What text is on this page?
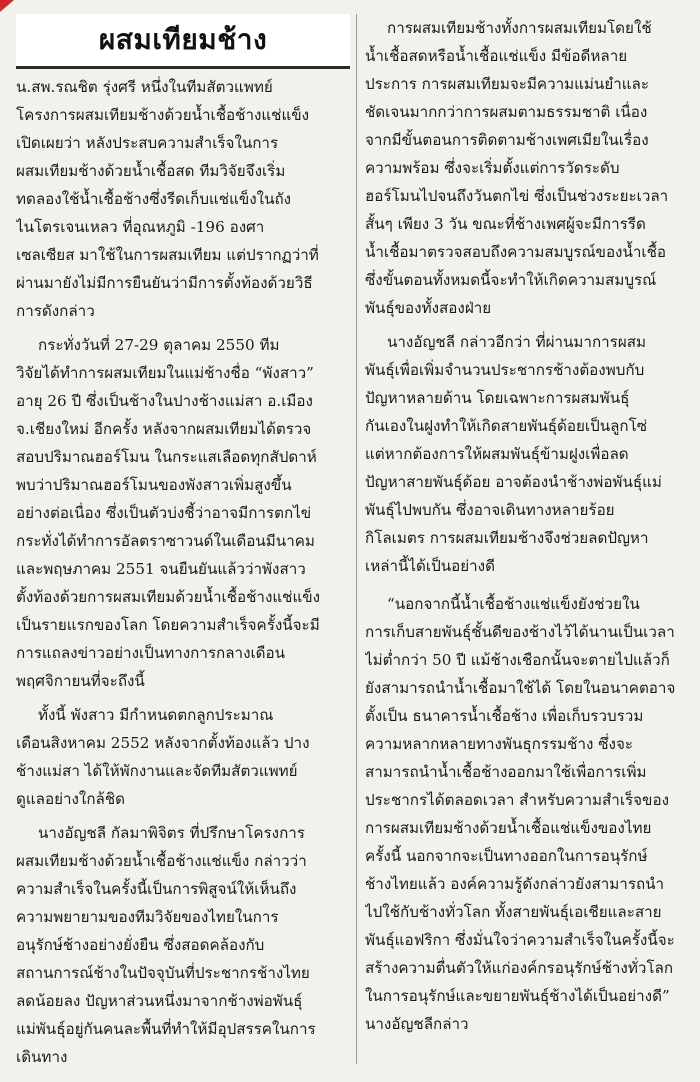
ผสมเทียมช้าง
น.สพ.รณชิต รุ่งศรี หนึ่งในทีมสัตวแพทย์
โครงการผสมเทียมช้างด้วยน้ำเชื้อช้างแช่แข็ง
เปิดเผยว่า หลังประสบความสำเร็จในการ
ผสมเทียมช้างด้วยน้ำเชื้อสด ทีมวิจัยจึงเริ่ม
ทดลองใช้น้ำเชื้อช้างซึ่งรีดเก็บแช่แข็งในถัง
ไนโตรเจนเหลว ที่อุณหภูมิ -196 องศา
เซลเซียส มาใช้ในการผสมเทียม แต่ปรากฏว่าที่
ผ่านมายังไม่มีการยืนยันว่ามีการตั้งท้องด้วยวิธี
การดังกล่าว
กระทั่งวันที่ 27-29 ตุลาคม 2550 ทีม
วิจัยได้ทำการผสมเทียมในแม่ช้างชื่อ “พังสาว”
อายุ 26 ปี ซึ่งเป็นช้างในปางช้างแม่สา อ.เมือง
จ.เชียงใหม่ อีกครั้ง หลังจากผสมเทียมได้ตรวจ
สอบปริมาณฮอร์โมน ในกระแสเลือดทุกสัปดาห์
พบว่าปริมาณฮอร์โมนของพังสาวเพิ่มสูงขึ้น
อย่างต่อเนื่อง ซึ่งเป็นตัวบ่งชี้ว่าอาจมีการตกไข่
กระทั่งได้ทำการอัลตราซาวนด์ในเดือนมีนาคม
และพฤษภาคม 2551 จนยืนยันแล้วว่าพังสาว
ตั้งท้องด้วยการผสมเทียมด้วยน้ำเชื้อช้างแช่แข็ง
เป็นรายแรกของโลก โดยความสำเร็จครั้งนี้จะมี
การแถลงข่าวอย่างเป็นทางการกลางเดือน
พฤศจิกายนที่จะถึงนี้
ทั้งนี้ พังสาว มีกำหนดตกลูกประมาณ
เดือนสิงหาคม 2552 หลังจากตั้งท้องแล้ว ปาง
ช้างแม่สา ได้ให้พักงานและจัดทีมสัตวแพทย์
ดูแลอย่างใกล้ชิด
นางอัญชลี กัลมาพิจิตร ที่ปรึกษาโครงการ
ผสมเทียมช้างด้วยน้ำเชื้อช้างแช่แข็ง กล่าวว่า
ความสำเร็จในครั้งนี้เป็นการพิสูจน์ให้เห็นถึง
ความพยายามของทีมวิจัยของไทยในการ
อนุรักษ์ช้างอย่างยั่งยืน ซึ่งสอดคล้องกับ
สถานการณ์ช้างในปัจจุบันที่ประชากรช้างไทย
ลดน้อยลง ปัญหาส่วนหนึ่งมาจากช้างพ่อพันธุ์
แม่พันธุ์อยู่กันคนละพื้นที่ทำให้มีอุปสรรคในการ
เดินทาง
การผสมเทียมช้างทั้งการผสมเทียมโดยใช้
น้ำเชื้อสดหรือน้ำเชื้อแช่แข็ง มีข้อดีหลาย
ประการ การผสมเทียมจะมีความแม่นยำและ
ชัดเจนมากกว่าการผสมตามธรรมชาติ เนื่อง
จากมีขั้นตอนการติดตามช้างเพศเมียในเรื่อง
ความพร้อม ซึ่งจะเริ่มตั้งแต่การวัดระดับ
ฮอร์โมนไปจนถึงวันตกไข่ ซึ่งเป็นช่วงระยะเวลา
สั้นๆ เพียง 3 วัน ขณะที่ช้างเพศผู้จะมีการรีด
น้ำเชื้อมาตรวจสอบถึงความสมบูรณ์ของน้ำเชื้อ
ซึ่งขั้นตอนทั้งหมดนี้จะทำให้เกิดความสมบูรณ์
พันธุ์ของทั้งสองฝ่าย
นางอัญชลี กล่าวอีกว่า ที่ผ่านมาการผสม
พันธุ์เพื่อเพิ่มจำนวนประชากรช้างต้องพบกับ
ปัญหาหลายด้าน โดยเฉพาะการผสมพันธุ์
กันเองในฝูงทำให้เกิดสายพันธุ์ด้อยเป็นลูกโซ่
แต่หากต้องการให้ผสมพันธุ์ข้ามฝูงเพื่อลด
ปัญหาสายพันธุ์ด้อย อาจต้องนำช้างพ่อพันธุ์แม่
พันธุ์ไปพบกัน ซึ่งอาจเดินทางหลายร้อย
กิโลเมตร การผสมเทียมช้างจึงช่วยลดปัญหา
เหล่านี้ได้เป็นอย่างดี
“นอกจากนี้น้ำเชื้อช้างแช่แข็งยังช่วยใน
การเก็บสายพันธุ์ชั้นดีของช้างไว้ได้นานเป็นเวลา
ไม่ต่ำกว่า 50 ปี แม้ช้างเชือกนั้นจะตายไปแล้วก็
ยังสามารถนำน้ำเชื้อมาใช้ได้ โดยในอนาคตอาจ
ตั้งเป็น ธนาคารน้ำเชื้อช้าง เพื่อเก็บรวบรวม
ความหลากหลายทางพันธุกรรมช้าง ซึ่งจะ
สามารถนำน้ำเชื้อช้างออกมาใช้เพื่อการเพิ่ม
ประชากรได้ตลอดเวลา สำหรับความสำเร็จของ
การผสมเทียมช้างด้วยน้ำเชื้อแช่แข็งของไทย
ครั้งนี้ นอกจากจะเป็นทางออกในการอนุรักษ์
ช้างไทยแล้ว องค์ความรู้ดังกล่าวยังสามารถนำ
ไปใช้กับช้างทั่วโลก ทั้งสายพันธุ์เอเชียและสาย
พันธุ์แอฟริกา ซึ่งมั่นใจว่าความสำเร็จในครั้งนี้จะ
สร้างความตื่นตัวให้แก่องค์กรอนุรักษ์ช้างทั่วโลก
ในการอนุรักษ์และขยายพันธุ์ช้างได้เป็นอย่างดี”
นางอัญชลีกล่าว
